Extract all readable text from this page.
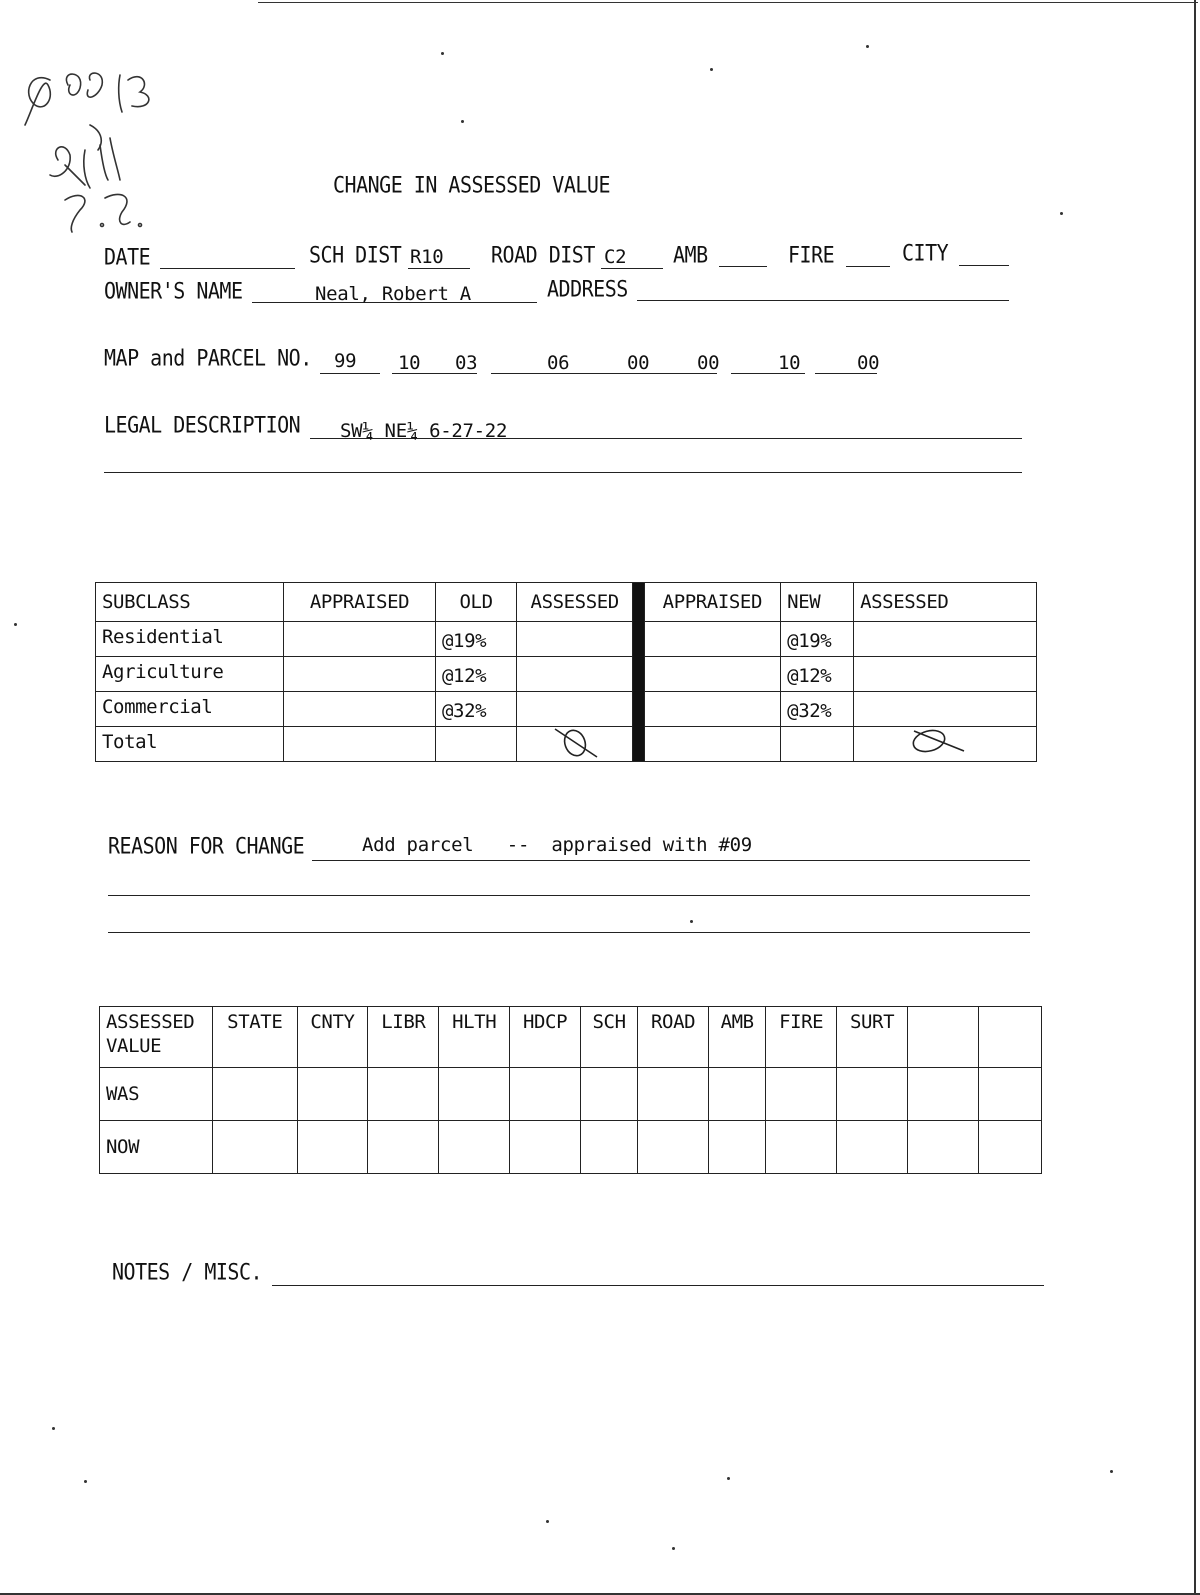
CHANGE IN ASSESSED VALUE
DATE	SCH DIST R10 ROAD DIST C2 AMB	FIRE	CITY
OWNER'S NAME	Neal, Robert A	ADDRESS
MAP and PARCEL NO. 99 10 03	06	00	00	10	00
LEGAL DESCRIPTION SW¼ NE¼ 6-27-22
SUBCLASS	APPRAISED	OLD	ASSESSED		APPRAISED	NEW	ASSESSED
Residential		@19%				@19%	
Agriculture		@12%				@12%	
Commercial		@32%				@32%	
Total			

REASON FOR CHANGE	Add parcel   --  appraised with #09
ASSESSED
VALUE	STATE	CNTY	LIBR	HLTH	HDCP	SCH	ROAD	AMB	FIRE	SURT		
WAS												
NOW												
NOTES / MISC.
